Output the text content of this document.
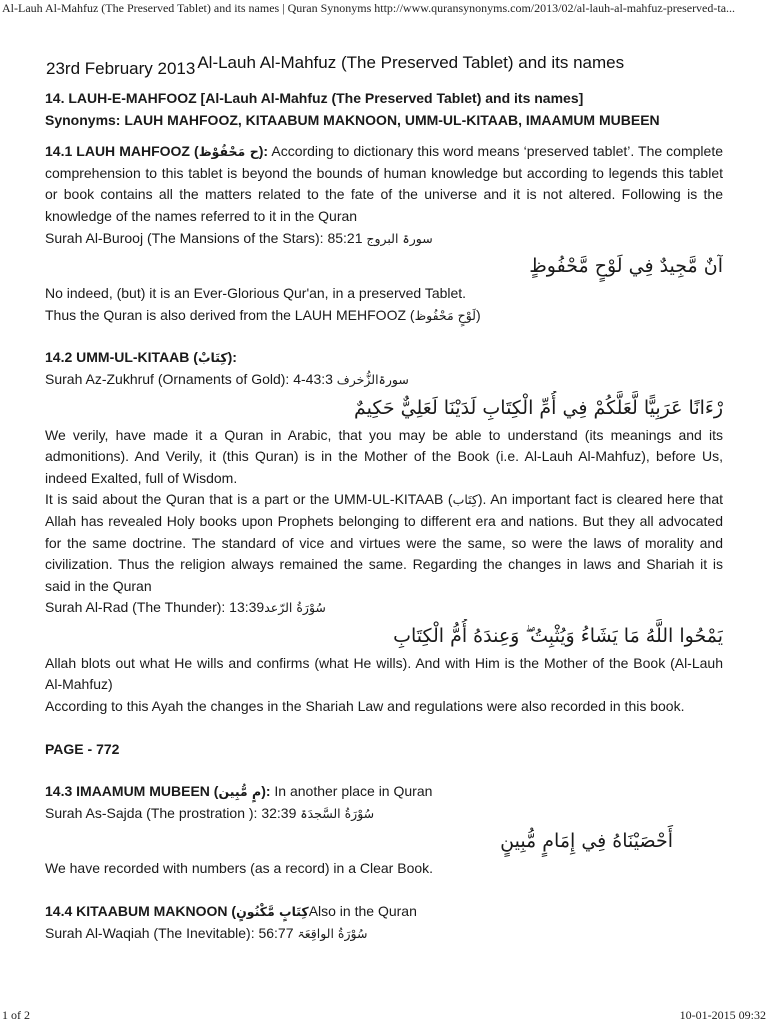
Al-Lauh Al-Mahfuz (The Preserved Tablet) and its names | Quran Synonyms http://www.quransynonyms.com/2013/02/al-lauh-al-mahfuz-preserved-ta...
23rd February 2013 Al-Lauh Al-Mahfuz (The Preserved Tablet) and its names

14. LAUH-E-MAHFOOZ [Al-Lauh Al-Mahfuz (The Preserved Tablet) and its names]

Synonyms: LAUH MAHFOOZ, KITAABUM MAKNOON, UMM-UL-KITAAB, IMAAMUM MUBEEN

14.1 LAUH MAHFOOZ (ح مَحْفُوْظ): According to dictionary this word means ‘preserved tablet’. The complete comprehension to this tablet is beyond the bounds of human knowledge but according to legends this tablet or book contains all the matters related to the fate of the universe and it is not altered. Following is the knowledge of the names referred to it in the Quran

Surah Al-Burooj (The Mansions of the Stars): 85:21 سورۃ البروج

آنٌ مَّجِيدٌ فِي لَوْحٍ مَّحْفُوظٍ

No indeed, (but) it is an Ever-Glorious Qur'an, in a preserved Tablet.

Thus the Quran is also derived from the LAUH MEHFOOZ (لَوْحٍ مَحْفُوظ)

14.2 UMM-UL-KITAAB (كِتَابْ):

Surah Az-Zukhruf (Ornaments of Gold): 4-43:3 سورۃالزُّخرف

رْءَانًا عَرَبِيًّا لَّعَلَّكُمْ فِي أُمِّ الْكِتَابِ لَدَيْنَا لَعَلِيٌّ حَكِيمٌ

We verily, have made it a Quran in Arabic, that you may be able to understand (its meanings and its admonitions). And Verily, it (this Quran) is in the Mother of the Book (i.e. Al-Lauh Al-Mahfuz), before Us, indeed Exalted, full of Wisdom.

It is said about the Quran that is a part or the UMM-UL-KITAAB (كِتَاب). An important fact is cleared here that Allah has revealed Holy books upon Prophets belonging to different era and nations. But they all advocated for the same doctrine. The standard of vice and virtues were the same, so were the laws of morality and civilization. Thus the religion always remained the same. Regarding the changes in laws and Shariah it is said in the Quran

Surah Al-Rad (The Thunder): 13:39سُوْرَةُ الرّعد

يَمْحُوا اللَّهُ مَا يَشَاءُ وَيُثْبِتُ ۖ وَعِندَهُ أُمُّ الْكِتَابِ

Allah blots out what He wills and confirms (what He wills). And with Him is the Mother of the Book (Al-Lauh Al-Mahfuz)

According to this Ayah the changes in the Shariah Law and regulations were also recorded in this book.

PAGE - 772

14.3 IMAAMUM MUBEEN (مٍ مُّبِين): In another place in Quran

Surah As-Sajda (The prostration ): 32:39 سُوْرَةُ السَّجدَۃ

أَحْصَيْنَاهُ فِي إِمَامٍ مُّبِينٍ

We have recorded with numbers (as a record) in a Clear Book.

14.4 KITAABUM MAKNOON (كِتَابٍ مَّكْنُونٍAlso in the Quran

Surah Al-Waqiah (The Inevitable): 56:77 سُوْرَةُ الواقِعَۃ

1 of 2	10-01-2015 09:32
